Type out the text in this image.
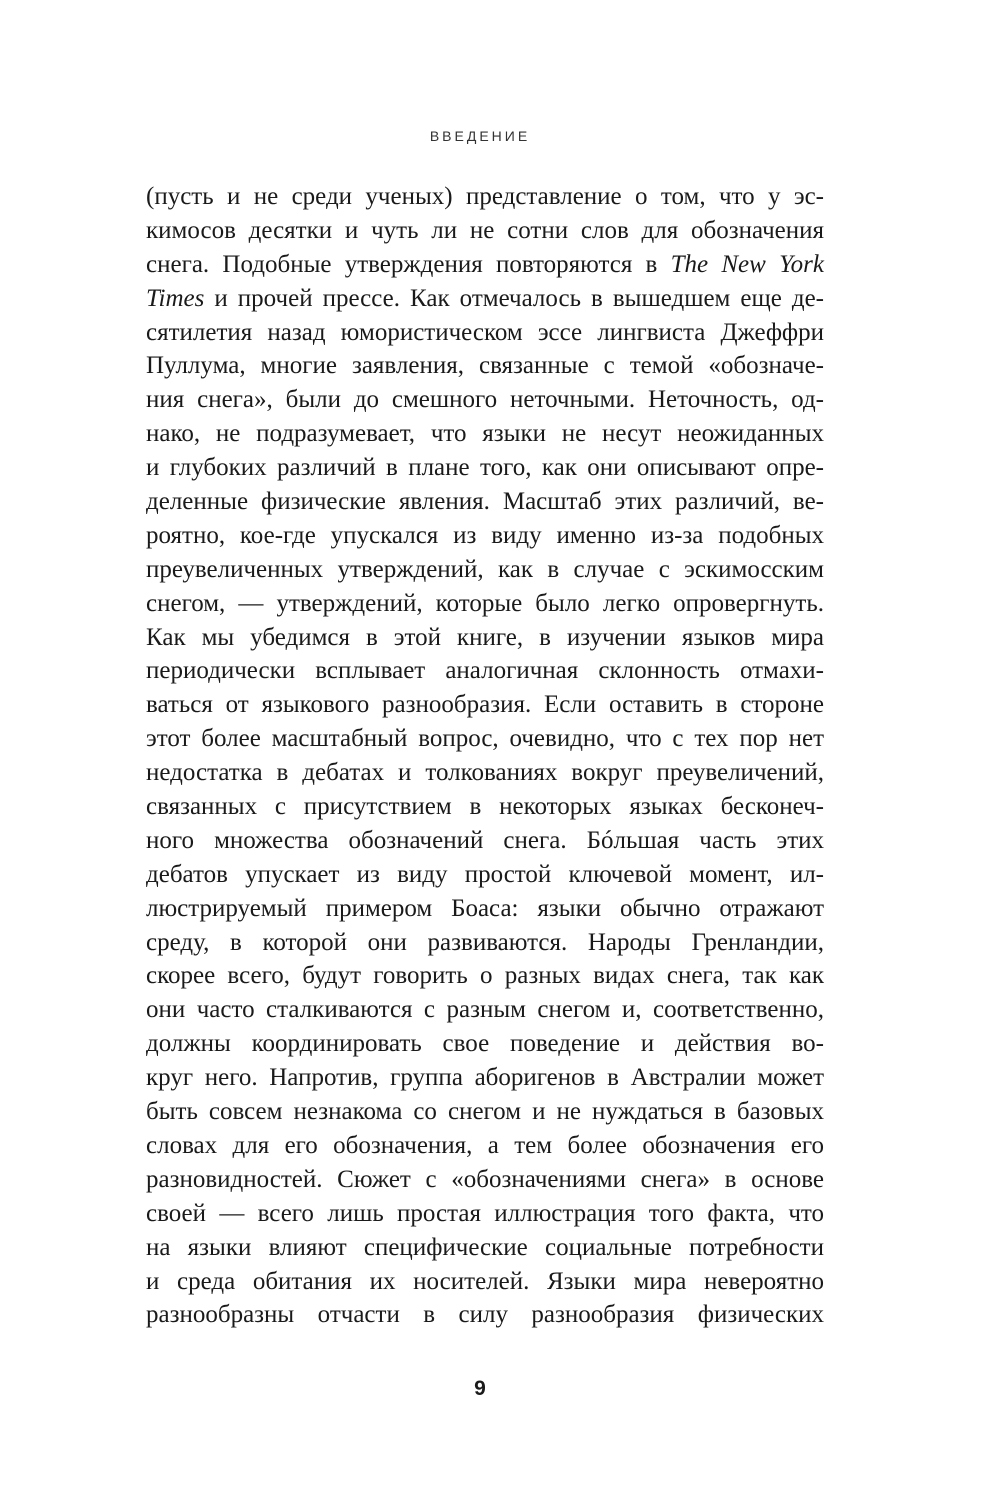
ВВЕДЕНИЕ
(пусть и не среди ученых) представление о том, что у эс-
кимосов десятки и чуть ли не сотни слов для обозначения
снега. Подобные утверждения повторяются в The New York
Times и прочей прессе. Как отмечалось в вышедшем еще де-
сятилетия назад юмористическом эссе лингвиста Джеффри
Пуллума, многие заявления, связанные с темой «обозначе-
ния снега», были до смешного неточными. Неточность, од-
нако, не подразумевает, что языки не несут неожиданных
и глубоких различий в плане того, как они описывают опре-
деленные физические явления. Масштаб этих различий, ве-
роятно, кое-где упускался из виду именно из-за подобных
преувеличенных утверждений, как в случае с эскимосским
снегом, — утверждений, которые было легко опровергнуть.
Как мы убедимся в этой книге, в изучении языков мира
периодически всплывает аналогичная склонность отмахи-
ваться от языкового разнообразия. Если оставить в стороне
этот более масштабный вопрос, очевидно, что с тех пор нет
недостатка в дебатах и толкованиях вокруг преувеличений,
связанных с присутствием в некоторых языках бесконеч-
ного множества обозначений снега. Бóльшая часть этих
дебатов упускает из виду простой ключевой момент, ил-
люстрируемый примером Боаса: языки обычно отражают
среду, в которой они развиваются. Народы Гренландии,
скорее всего, будут говорить о разных видах снега, так как
они часто сталкиваются с разным снегом и, соответственно,
должны координировать свое поведение и действия во-
круг него. Напротив, группа аборигенов в Австралии может
быть совсем незнакома со снегом и не нуждаться в базовых
словах для его обозначения, а тем более обозначения его
разновидностей. Сюжет с «обозначениями снега» в основе
своей — всего лишь простая иллюстрация того факта, что
на языки влияют специфические социальные потребности
и среда обитания их носителей. Языки мира невероятно
разнообразны отчасти в силу разнообразия физических
9
